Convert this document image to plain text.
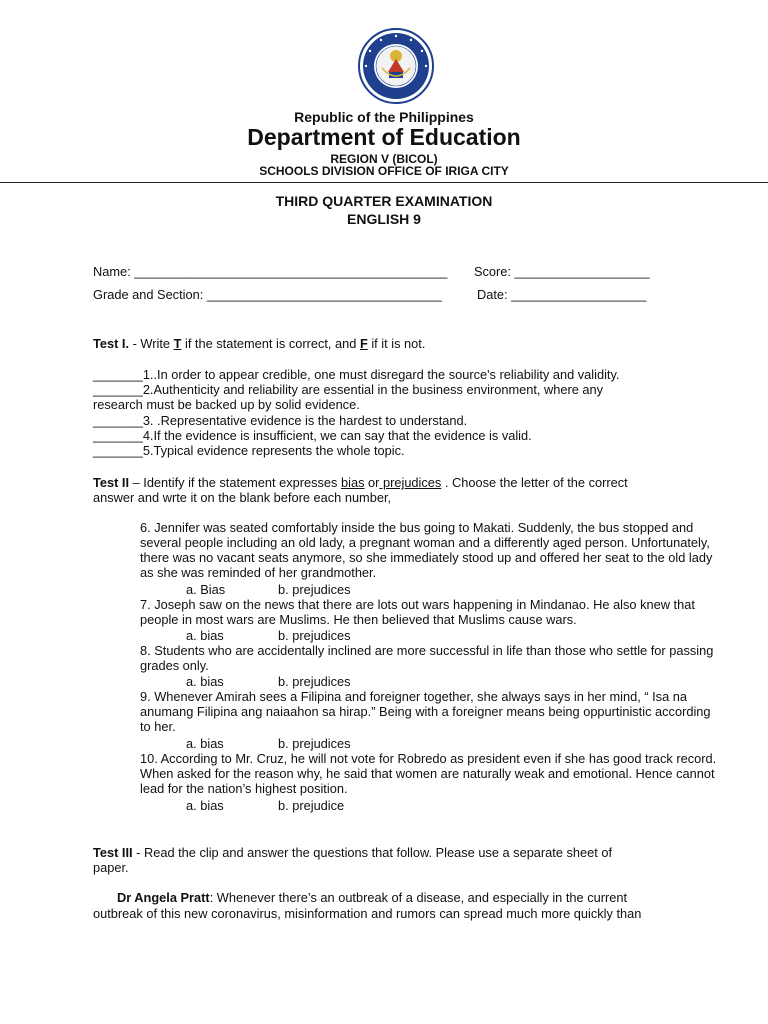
Republic of the Philippines
Department of Education
REGION V (BICOL)
SCHOOLS DIVISION OFFICE OF IRIGA CITY
THIRD QUARTER EXAMINATION
ENGLISH 9
Name: ____________________________________________ Score: ___________________
Grade and Section: _________________________________	Date: ___________________
Test I. - Write T if the statement is correct, and F if it is not.
_______1..In order to appear credible, one must disregard the source's reliability and validity.
_______2.Authenticity and reliability are essential in the business environment, where any
research must be backed up by solid evidence.
_______3. .Representative evidence is the hardest to understand.
_______4.If the evidence is insufficient, we can say that the evidence is valid.
_______5.Typical evidence represents the whole topic.
Test II – Identify if the statement expresses bias or prejudices . Choose the letter of the correct
answer and wrte it on the blank before each number,
6. Jennifer was seated comfortably inside the bus going to Makati. Suddenly, the bus stopped and several people including an old lady, a pregnant woman and a differently aged person. Unfortunately, there was no vacant seats anymore, so she immediately stood up and offered her seat to the old lady as she was reminded of her grandmother.
a. Bias	b. prejudices
7. Joseph saw on the news that there are lots out wars happening in Mindanao. He also knew that people in most wars are Muslims. He then believed that Muslims cause wars.
a. bias	b. prejudices
8. Students who are accidentally inclined are more successful in life than those who settle for passing grades only.
a. bias	b. prejudices
9. Whenever Amirah sees a Filipina and foreigner together, she always says in her mind, “ Isa na anumang Filipina ang naiaahon sa hirap.” Being with a foreigner means being oppurtinistic according to her.
a. bias	b. prejudices
10. According to Mr. Cruz, he will not vote for Robredo as president even if she has good track record. When asked for the reason why, he said that women are naturally weak and emotional. Hence cannot lead for the nation’s highest position.
a. bias	b. prejudice
Test III - Read the clip and answer the questions that follow. Please use a separate sheet of
paper.
Dr Angela Pratt: Whenever there’s an outbreak of a disease, and especially in the current
outbreak of this new coronavirus, misinformation and rumors can spread much more quickly than
